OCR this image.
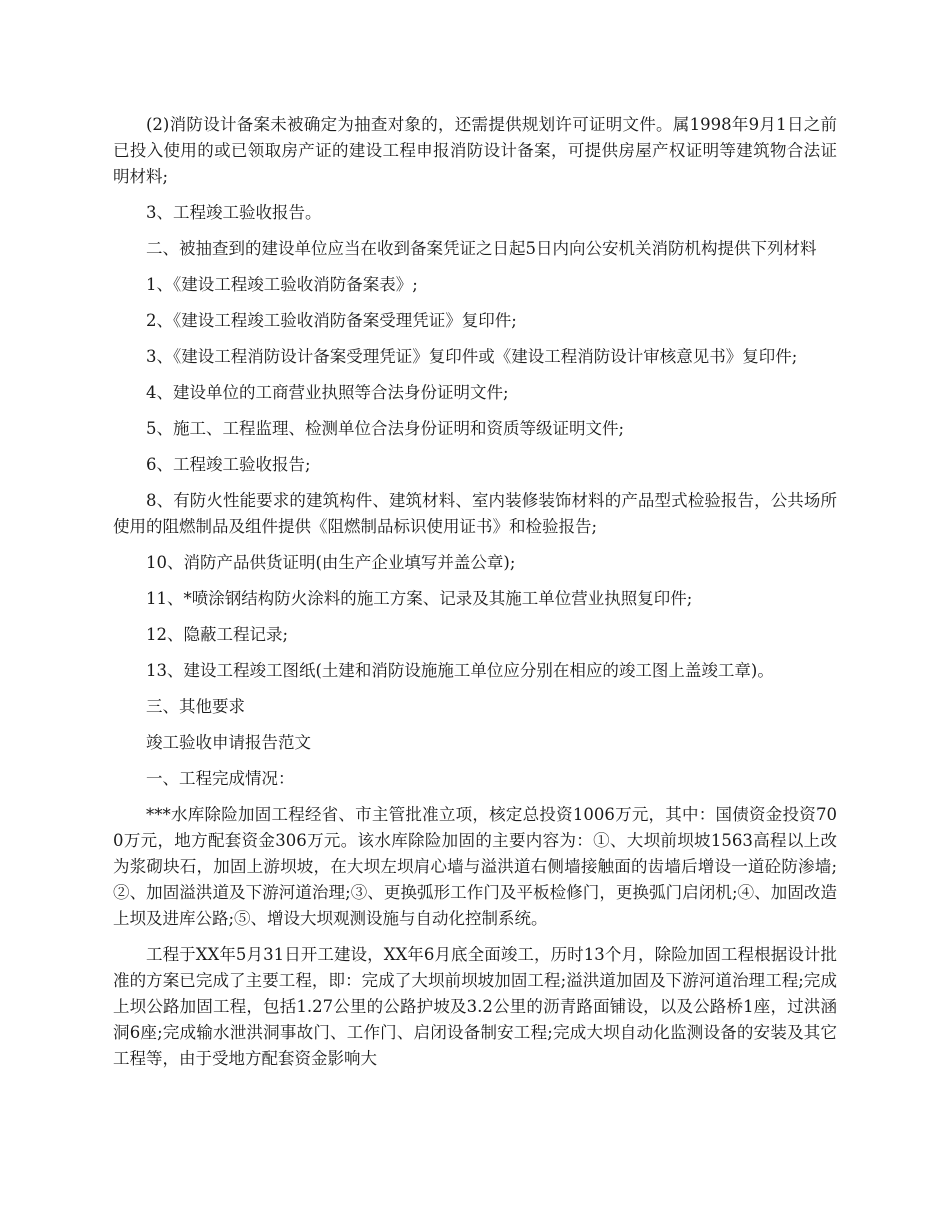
(2)消防设计备案未被确定为抽查对象的，还需提供规划许可证明文件。属1998年9月1日之前已投入使用的或已领取房产证的建设工程申报消防设计备案，可提供房屋产权证明等建筑物合法证明材料;

3、工程竣工验收报告。

二、被抽查到的建设单位应当在收到备案凭证之日起5日内向公安机关消防机构提供下列材料

1、《建设工程竣工验收消防备案表》;

2、《建设工程竣工验收消防备案受理凭证》复印件;

3、《建设工程消防设计备案受理凭证》复印件或《建设工程消防设计审核意见书》复印件;

4、建设单位的工商营业执照等合法身份证明文件;

5、施工、工程监理、检测单位合法身份证明和资质等级证明文件;

6、工程竣工验收报告;

8、有防火性能要求的建筑构件、建筑材料、室内装修装饰材料的产品型式检验报告，公共场所使用的阻燃制品及组件提供《阻燃制品标识使用证书》和检验报告;

10、消防产品供货证明(由生产企业填写并盖公章);

11、*喷涂钢结构防火涂料的施工方案、记录及其施工单位营业执照复印件;

12、隐蔽工程记录;

13、建设工程竣工图纸(土建和消防设施施工单位应分别在相应的竣工图上盖竣工章)。

三、其他要求

竣工验收申请报告范文

一、工程完成情况：

***水库除险加固工程经省、市主管批准立项，核定总投资1006万元，其中：国债资金投资700万元，地方配套资金306万元。该水库除险加固的主要内容为：①、大坝前坝坡1563高程以上改为浆砌块石，加固上游坝坡，在大坝左坝肩心墙与溢洪道右侧墙接触面的齿墙后增设一道砼防渗墙;②、加固溢洪道及下游河道治理;③、更换弧形工作门及平板检修门，更换弧门启闭机;④、加固改造上坝及进库公路;⑤、增设大坝观测设施与自动化控制系统。

工程于XX年5月31日开工建设，XX年6月底全面竣工，历时13个月，除险加固工程根据设计批准的方案已完成了主要工程，即：完成了大坝前坝坡加固工程;溢洪道加固及下游河道治理工程;完成上坝公路加固工程，包括1.27公里的公路护坡及3.2公里的沥青路面铺设，以及公路桥1座，过洪涵洞6座;完成输水泄洪洞事故门、工作门、启闭设备制安工程;完成大坝自动化监测设备的安装及其它工程等，由于受地方配套资金影响大
